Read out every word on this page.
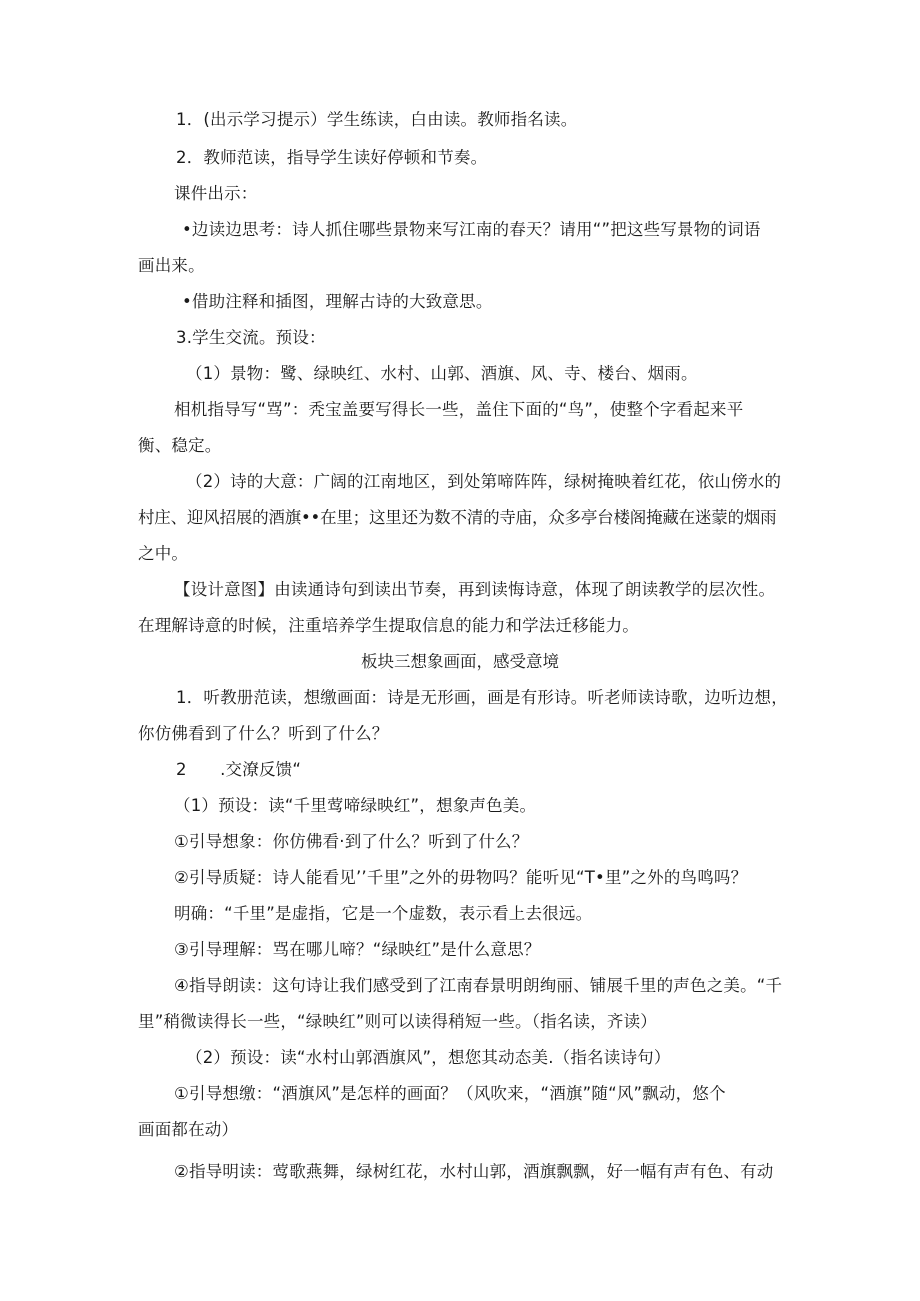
1．(出示学习提示）学生练读，白由读。教师指名读。
2．教师范读，指导学生读好停顿和节奏。
课件出示：
•边读边思考：诗人抓住哪些景物来写江南的春天？请用“”把这些写景物的词语
画出来。
•借助注释和插图，理解古诗的大致意思。
3.学生交流。预设：
（1）景物：鹭、绿映红、水村、山郭、酒旗、风、寺、楼台、烟雨。
相机指导写“骂”：秃宝盖要写得长一些，盖住下面的“鸟”，使整个字看起来平
衡、稳定。
（2）诗的大意：广阔的江南地区，到处第啼阵阵，绿树掩映着红花，依山傍水的
村庄、迎风招展的酒旗••在里；这里还为数不清的寺庙，众多亭台楼阁掩藏在迷蒙的烟雨
之中。
【设计意图】由读通诗句到读出节奏，再到读悔诗意，体现了朗读教学的层次性。
在理解诗意的时候，注重培养学生提取信息的能力和学法迁移能力。
板块三想象画面，感受意境
1．听教册范读，想缴画面：诗是无形画，画是有形诗。听老师读诗歌，边听边想，
你仿佛看到了什么？听到了什么？
2　　.交潦反馈“
（1）预设：读“千里莺啼绿映红”，想象声色美。
①引导想象：你仿佛看·到了什么？听到了什么？
②引导质疑：诗人能看见’’千里”之外的毋物吗？能听见“T•里”之外的鸟鸣吗？
明确：“千里”是虚指，它是一个虚数，表示看上去很远。
③引导理解：骂在哪儿啼？“绿映红”是什么意思？
④指导朗读：这句诗让我们感受到了江南春景明朗绚丽、铺展千里的声色之美。“千
里”稍微读得长一些，“绿映红”则可以读得稍短一些。（指名读，齐读）
（2）预设：读“水村山郭酒旗风”，想您其动态美.（指名读诗句）
①引导想缴：“酒旗风”是怎样的画面？（风吹来，“酒旗”随“风”飘动，悠个
画面都在动）
②指导明读：莺歌燕舞，绿树红花，水村山郭，酒旗飘飘，好一幅有声有色、有动
